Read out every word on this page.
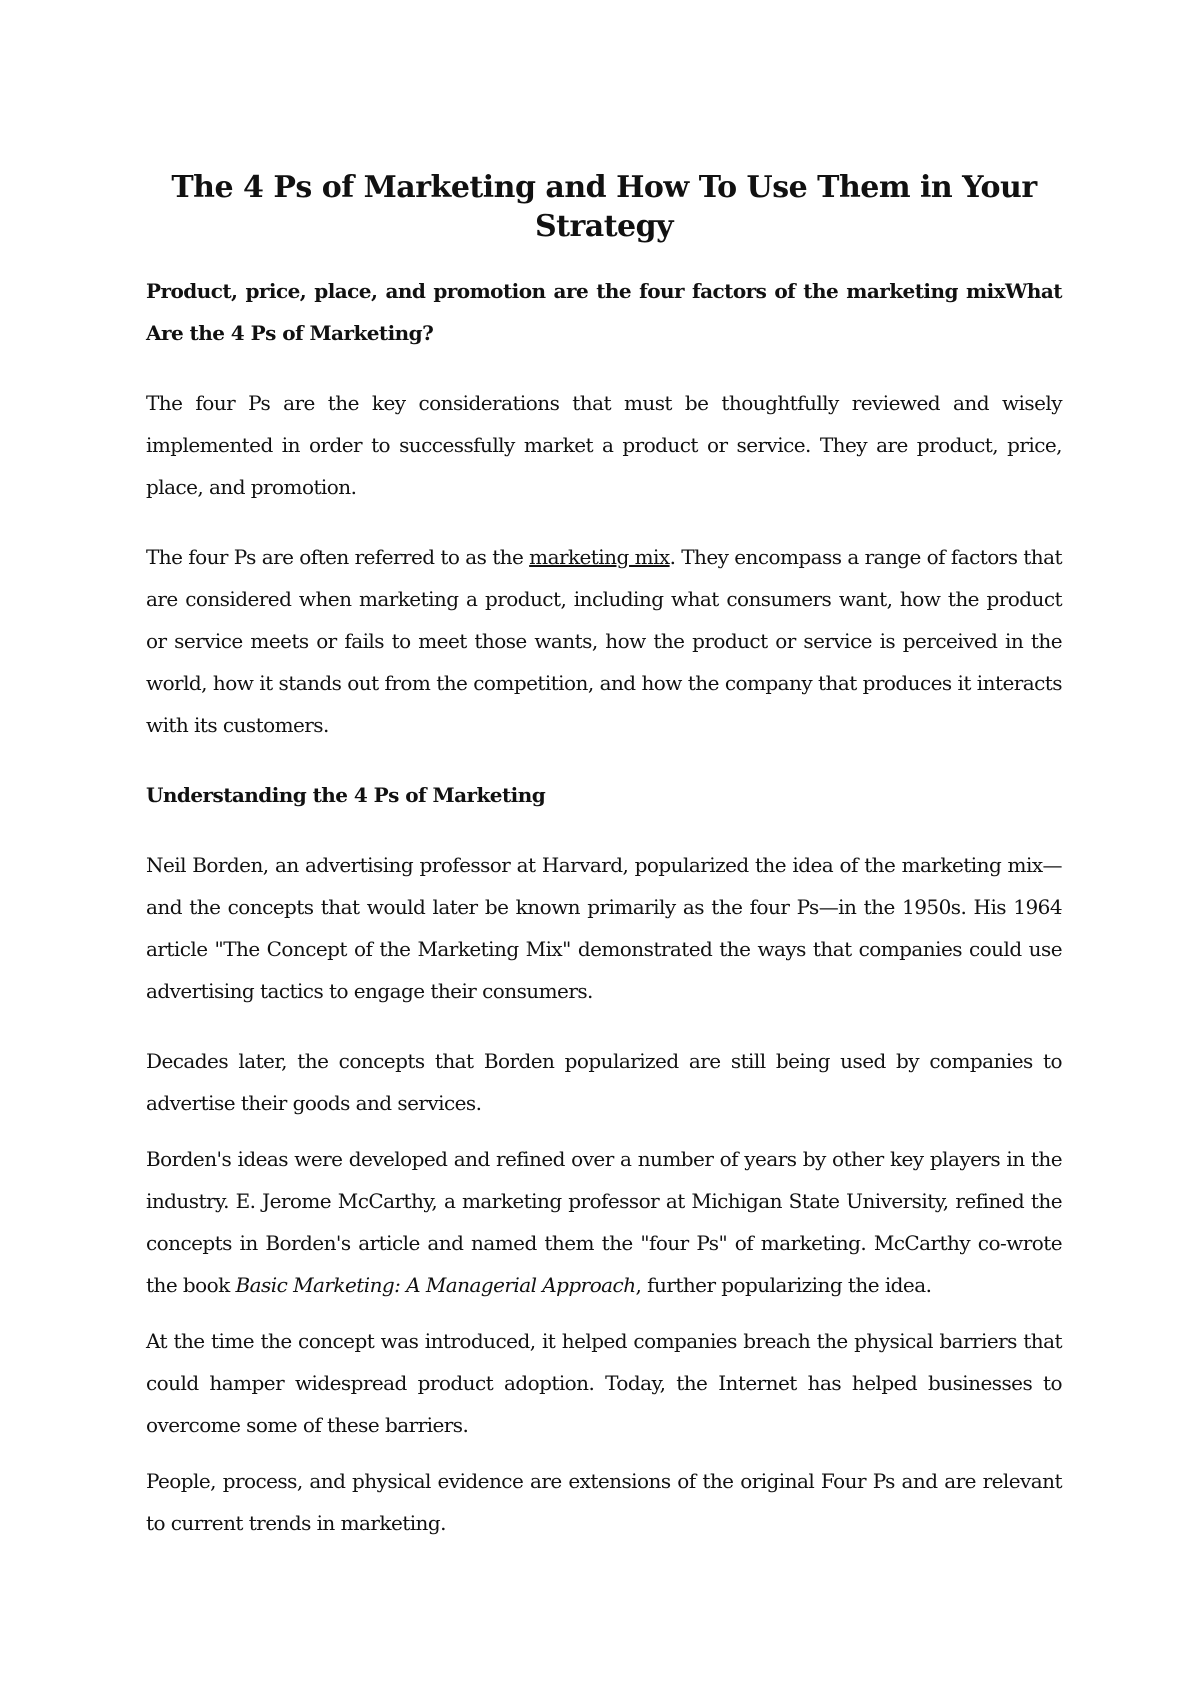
The 4 Ps of Marketing and How To Use Them in Your Strategy

Product, price, place, and promotion are the four factors of the marketing mixWhat Are the 4 Ps of Marketing?

The four Ps are the key considerations that must be thoughtfully reviewed and wisely implemented in order to successfully market a product or service. They are product, price, place, and promotion.

The four Ps are often referred to as the marketing mix. They encompass a range of factors that are considered when marketing a product, including what consumers want, how the product or service meets or fails to meet those wants, how the product or service is perceived in the world, how it stands out from the competition, and how the company that produces it interacts with its customers.

Understanding the 4 Ps of Marketing

Neil Borden, an advertising professor at Harvard, popularized the idea of the marketing mix—and the concepts that would later be known primarily as the four Ps—in the 1950s. His 1964 article "The Concept of the Marketing Mix" demonstrated the ways that companies could use advertising tactics to engage their consumers.

Decades later, the concepts that Borden popularized are still being used by companies to advertise their goods and services.

Borden's ideas were developed and refined over a number of years by other key players in the industry. E. Jerome McCarthy, a marketing professor at Michigan State University, refined the concepts in Borden's article and named them the "four Ps" of marketing. McCarthy co-wrote the book Basic Marketing: A Managerial Approach, further popularizing the idea.

At the time the concept was introduced, it helped companies breach the physical barriers that could hamper widespread product adoption. Today, the Internet has helped businesses to overcome some of these barriers.

People, process, and physical evidence are extensions of the original Four Ps and are relevant to current trends in marketing.
